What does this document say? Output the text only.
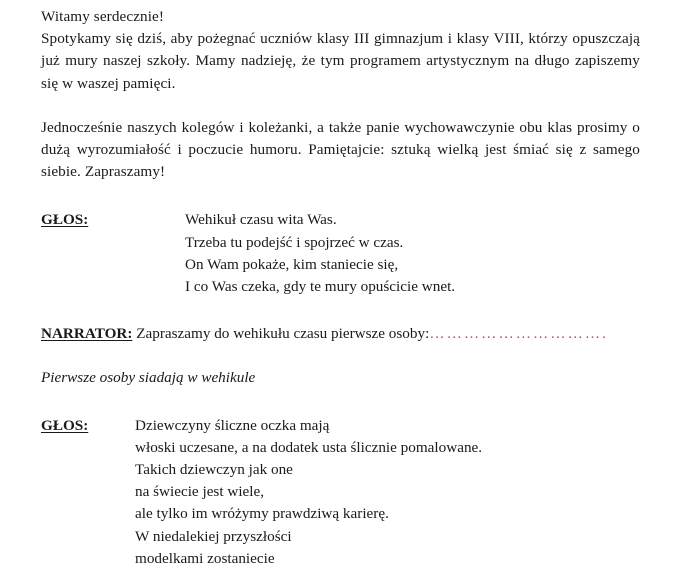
Witamy serdecznie!

Spotykamy się dziś, aby pożegnać uczniów klasy III gimnazjum i klasy VIII, którzy opuszczają już mury naszej szkoły. Mamy nadzieję, że tym programem artystycznym na długo zapiszemy się w waszej pamięci.

Jednocześnie naszych kolegów i koleżanki, a także panie wychowawczynie obu klas prosimy o dużą wyrozumiałość i poczucie humoru. Pamiętajcie: sztuką wielką jest śmiać się z samego siebie. Zapraszamy!

GŁOS:	Wehikuł czasu wita Was.
Trzeba tu podejść i spojrzeć w czas.
On Wam pokaże, kim staniecie się,
I co Was czeka, gdy te mury opuścicie wnet.
NARRATOR: Zapraszamy do wehikułu czasu pierwsze osoby:………………………….

Pierwsze osoby siadają w wehikule

GŁOS:	Dziewczyny śliczne oczka mają
włoski uczesane, a na dodatek usta ślicznie pomalowane.
Takich dziewczyn jak one
na świecie jest wiele,
ale tylko im wróżymy prawdziwą karierę.
W niedalekiej przyszłości
modelkami zostaniecie
